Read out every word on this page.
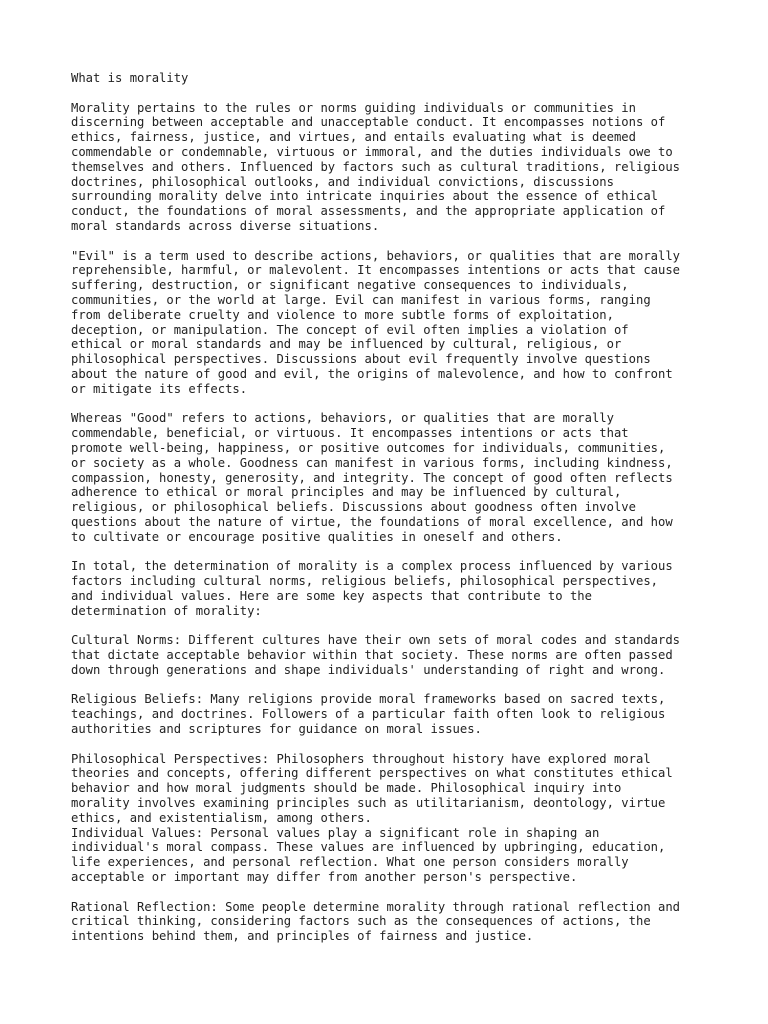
What is morality

Morality pertains to the rules or norms guiding individuals or communities in
discerning between acceptable and unacceptable conduct. It encompasses notions of
ethics, fairness, justice, and virtues, and entails evaluating what is deemed
commendable or condemnable, virtuous or immoral, and the duties individuals owe to
themselves and others. Influenced by factors such as cultural traditions, religious
doctrines, philosophical outlooks, and individual convictions, discussions
surrounding morality delve into intricate inquiries about the essence of ethical
conduct, the foundations of moral assessments, and the appropriate application of
moral standards across diverse situations.

"Evil" is a term used to describe actions, behaviors, or qualities that are morally
reprehensible, harmful, or malevolent. It encompasses intentions or acts that cause
suffering, destruction, or significant negative consequences to individuals,
communities, or the world at large. Evil can manifest in various forms, ranging
from deliberate cruelty and violence to more subtle forms of exploitation,
deception, or manipulation. The concept of evil often implies a violation of
ethical or moral standards and may be influenced by cultural, religious, or
philosophical perspectives. Discussions about evil frequently involve questions
about the nature of good and evil, the origins of malevolence, and how to confront
or mitigate its effects.

Whereas "Good" refers to actions, behaviors, or qualities that are morally
commendable, beneficial, or virtuous. It encompasses intentions or acts that
promote well-being, happiness, or positive outcomes for individuals, communities,
or society as a whole. Goodness can manifest in various forms, including kindness,
compassion, honesty, generosity, and integrity. The concept of good often reflects
adherence to ethical or moral principles and may be influenced by cultural,
religious, or philosophical beliefs. Discussions about goodness often involve
questions about the nature of virtue, the foundations of moral excellence, and how
to cultivate or encourage positive qualities in oneself and others.

In total, the determination of morality is a complex process influenced by various
factors including cultural norms, religious beliefs, philosophical perspectives,
and individual values. Here are some key aspects that contribute to the
determination of morality:

Cultural Norms: Different cultures have their own sets of moral codes and standards
that dictate acceptable behavior within that society. These norms are often passed
down through generations and shape individuals' understanding of right and wrong.

Religious Beliefs: Many religions provide moral frameworks based on sacred texts,
teachings, and doctrines. Followers of a particular faith often look to religious
authorities and scriptures for guidance on moral issues.

Philosophical Perspectives: Philosophers throughout history have explored moral
theories and concepts, offering different perspectives on what constitutes ethical
behavior and how moral judgments should be made. Philosophical inquiry into
morality involves examining principles such as utilitarianism, deontology, virtue
ethics, and existentialism, among others.

Individual Values: Personal values play a significant role in shaping an
individual's moral compass. These values are influenced by upbringing, education,
life experiences, and personal reflection. What one person considers morally
acceptable or important may differ from another person's perspective.

Rational Reflection: Some people determine morality through rational reflection and
critical thinking, considering factors such as the consequences of actions, the
intentions behind them, and principles of fairness and justice.
